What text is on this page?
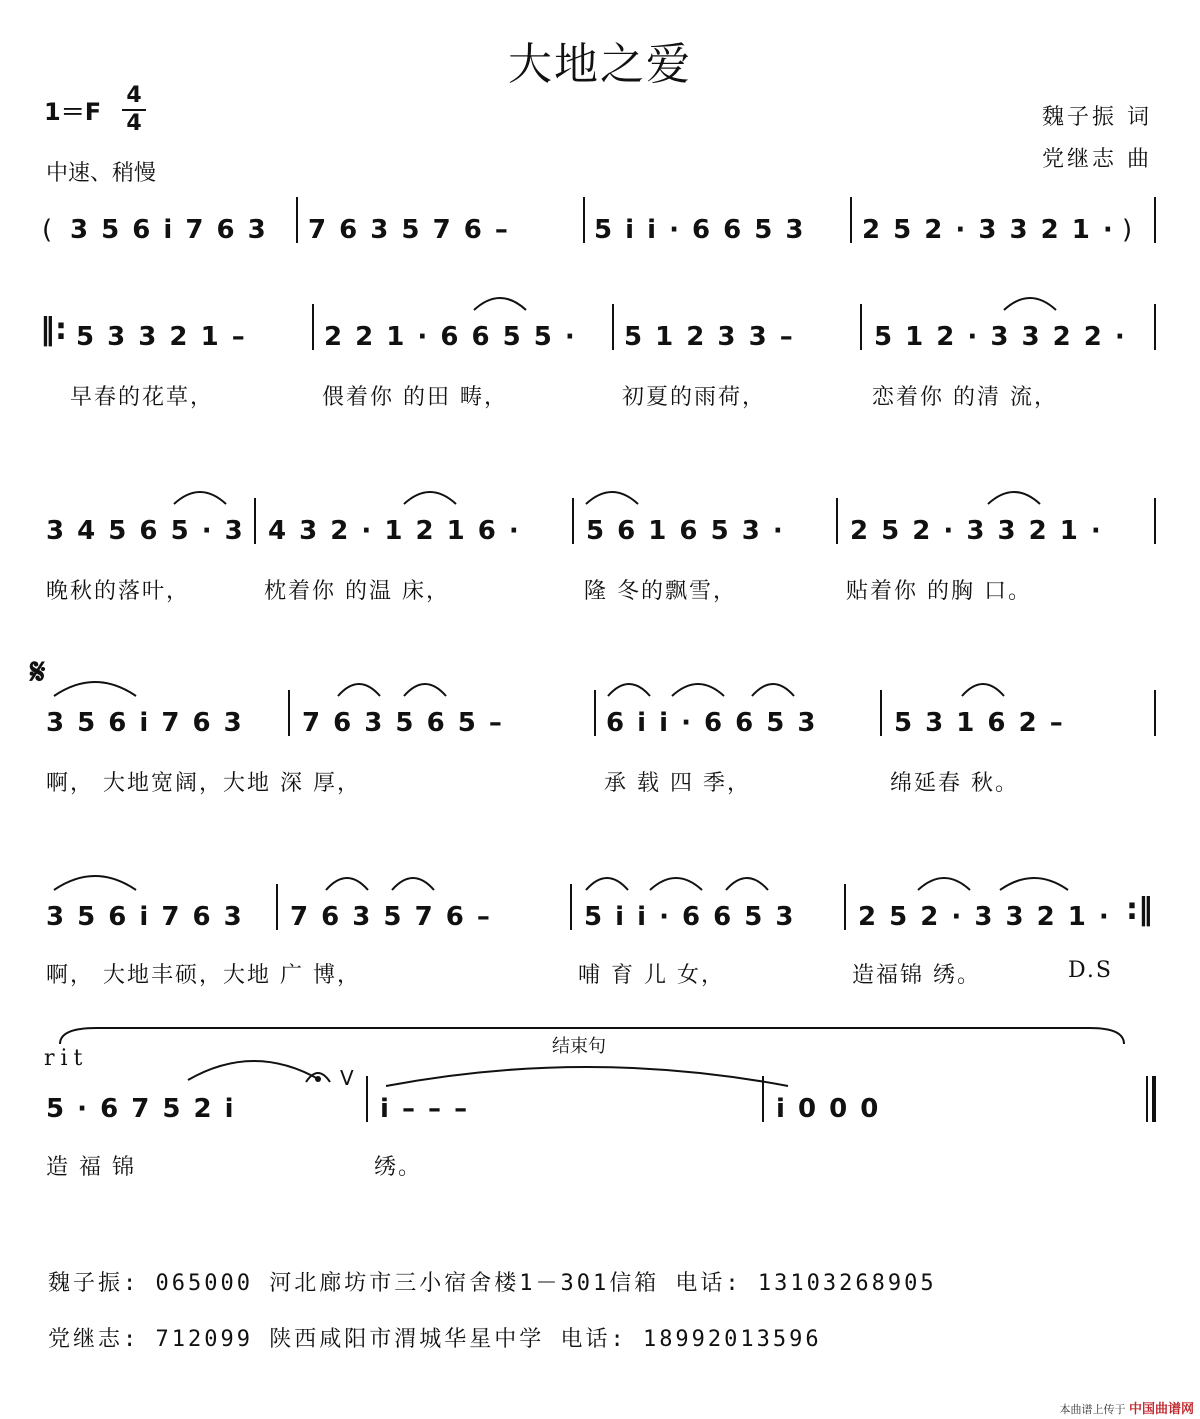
大地之爱
1＝F
4
4
中速、稍慢
魏子振 词
党继志 曲
( 3 5 6 i 7 6 3 7 6 3 5 7 6 –	5 i i · 6 6 5 3 2 5 2 · 3 3 2 1 · )
‖: 5 3 3 2 1 –	2 2 1 · 6 6 5 5 · 5 1 2 3 3 –	5 1 2 · 3 3 2 2 ·
早春的花草，	偎着你 的田 畴，	初夏的雨荷，	恋着你 的清 流，
3 4 5 6 5 · 3 4 3 2 · 1 2 1 6 ·	5 6 1 6 5 3 ·	2 5 2 · 3 3 2 1 ·
晚秋的落叶，	枕着你 的温 床，	隆 冬的飘雪，	贴着你 的胸 口。
𝄋
3 5 6 i 7 6 3 7 6 3 5 6 5 –	6 i i · 6 6 5 3	5 3 1 6 2 –
啊， 大地宽阔，大地 深 厚，	承 载 四 季，	绵延春 秋。
3 5 6 i 7 6 3 7 6 3 5 7 6 –	5 i i · 6 6 5 3 2 5 2 · 3 3 2 1 · :‖
啊， 大地丰硕，大地 广 博，	哺 育 儿 女，	造福锦 绣。	D.S
结束句
rit
5 · 6 7 5 2 i
V
i – – –	i 0 0 0
造 福 锦	绣。
魏子振: 065000 河北廊坊市三小宿舍楼1－301信箱 电话: 13103268905
党继志: 712099 陕西咸阳市渭城华星中学 电话: 18992013596
本曲谱上传于 中国曲谱网
